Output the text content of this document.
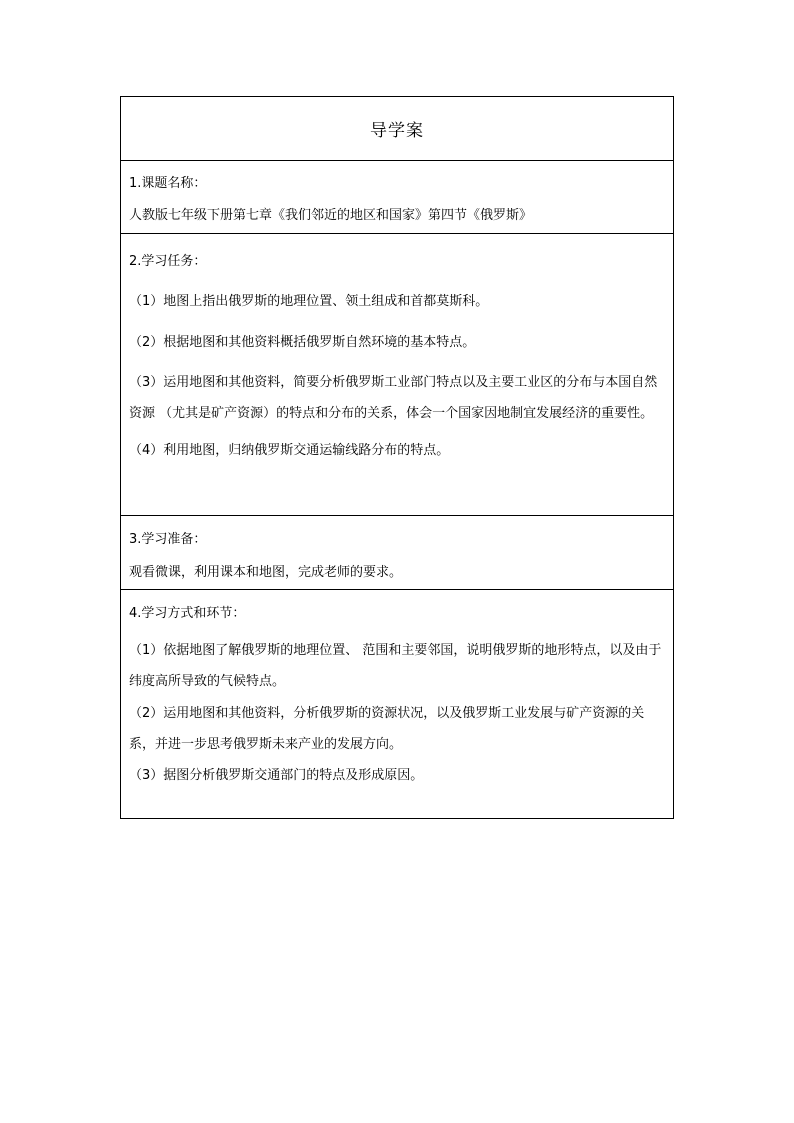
导学案

1.课题名称：

人教版七年级下册第七章《我们邻近的地区和国家》第四节《俄罗斯》

2.学习任务：

（1）地图上指出俄罗斯的地理位置、领土组成和首都莫斯科。

（2）根据地图和其他资料概括俄罗斯自然环境的基本特点。

（3）运用地图和其他资料，简要分析俄罗斯工业部门特点以及主要工业区的分布与本国自然资源 （尤其是矿产资源）的特点和分布的关系，体会一个国家因地制宜发展经济的重要性。

（4）利用地图，归纳俄罗斯交通运输线路分布的特点。

3.学习准备：

观看微课，利用课本和地图，完成老师的要求。

4.学习方式和环节：

（1）依据地图了解俄罗斯的地理位置、 范围和主要邻国，说明俄罗斯的地形特点，以及由于纬度高所导致的气候特点。

（2）运用地图和其他资料，分析俄罗斯的资源状况，以及俄罗斯工业发展与矿产资源的关系，并进一步思考俄罗斯未来产业的发展方向。

（3）据图分析俄罗斯交通部门的特点及形成原因。
